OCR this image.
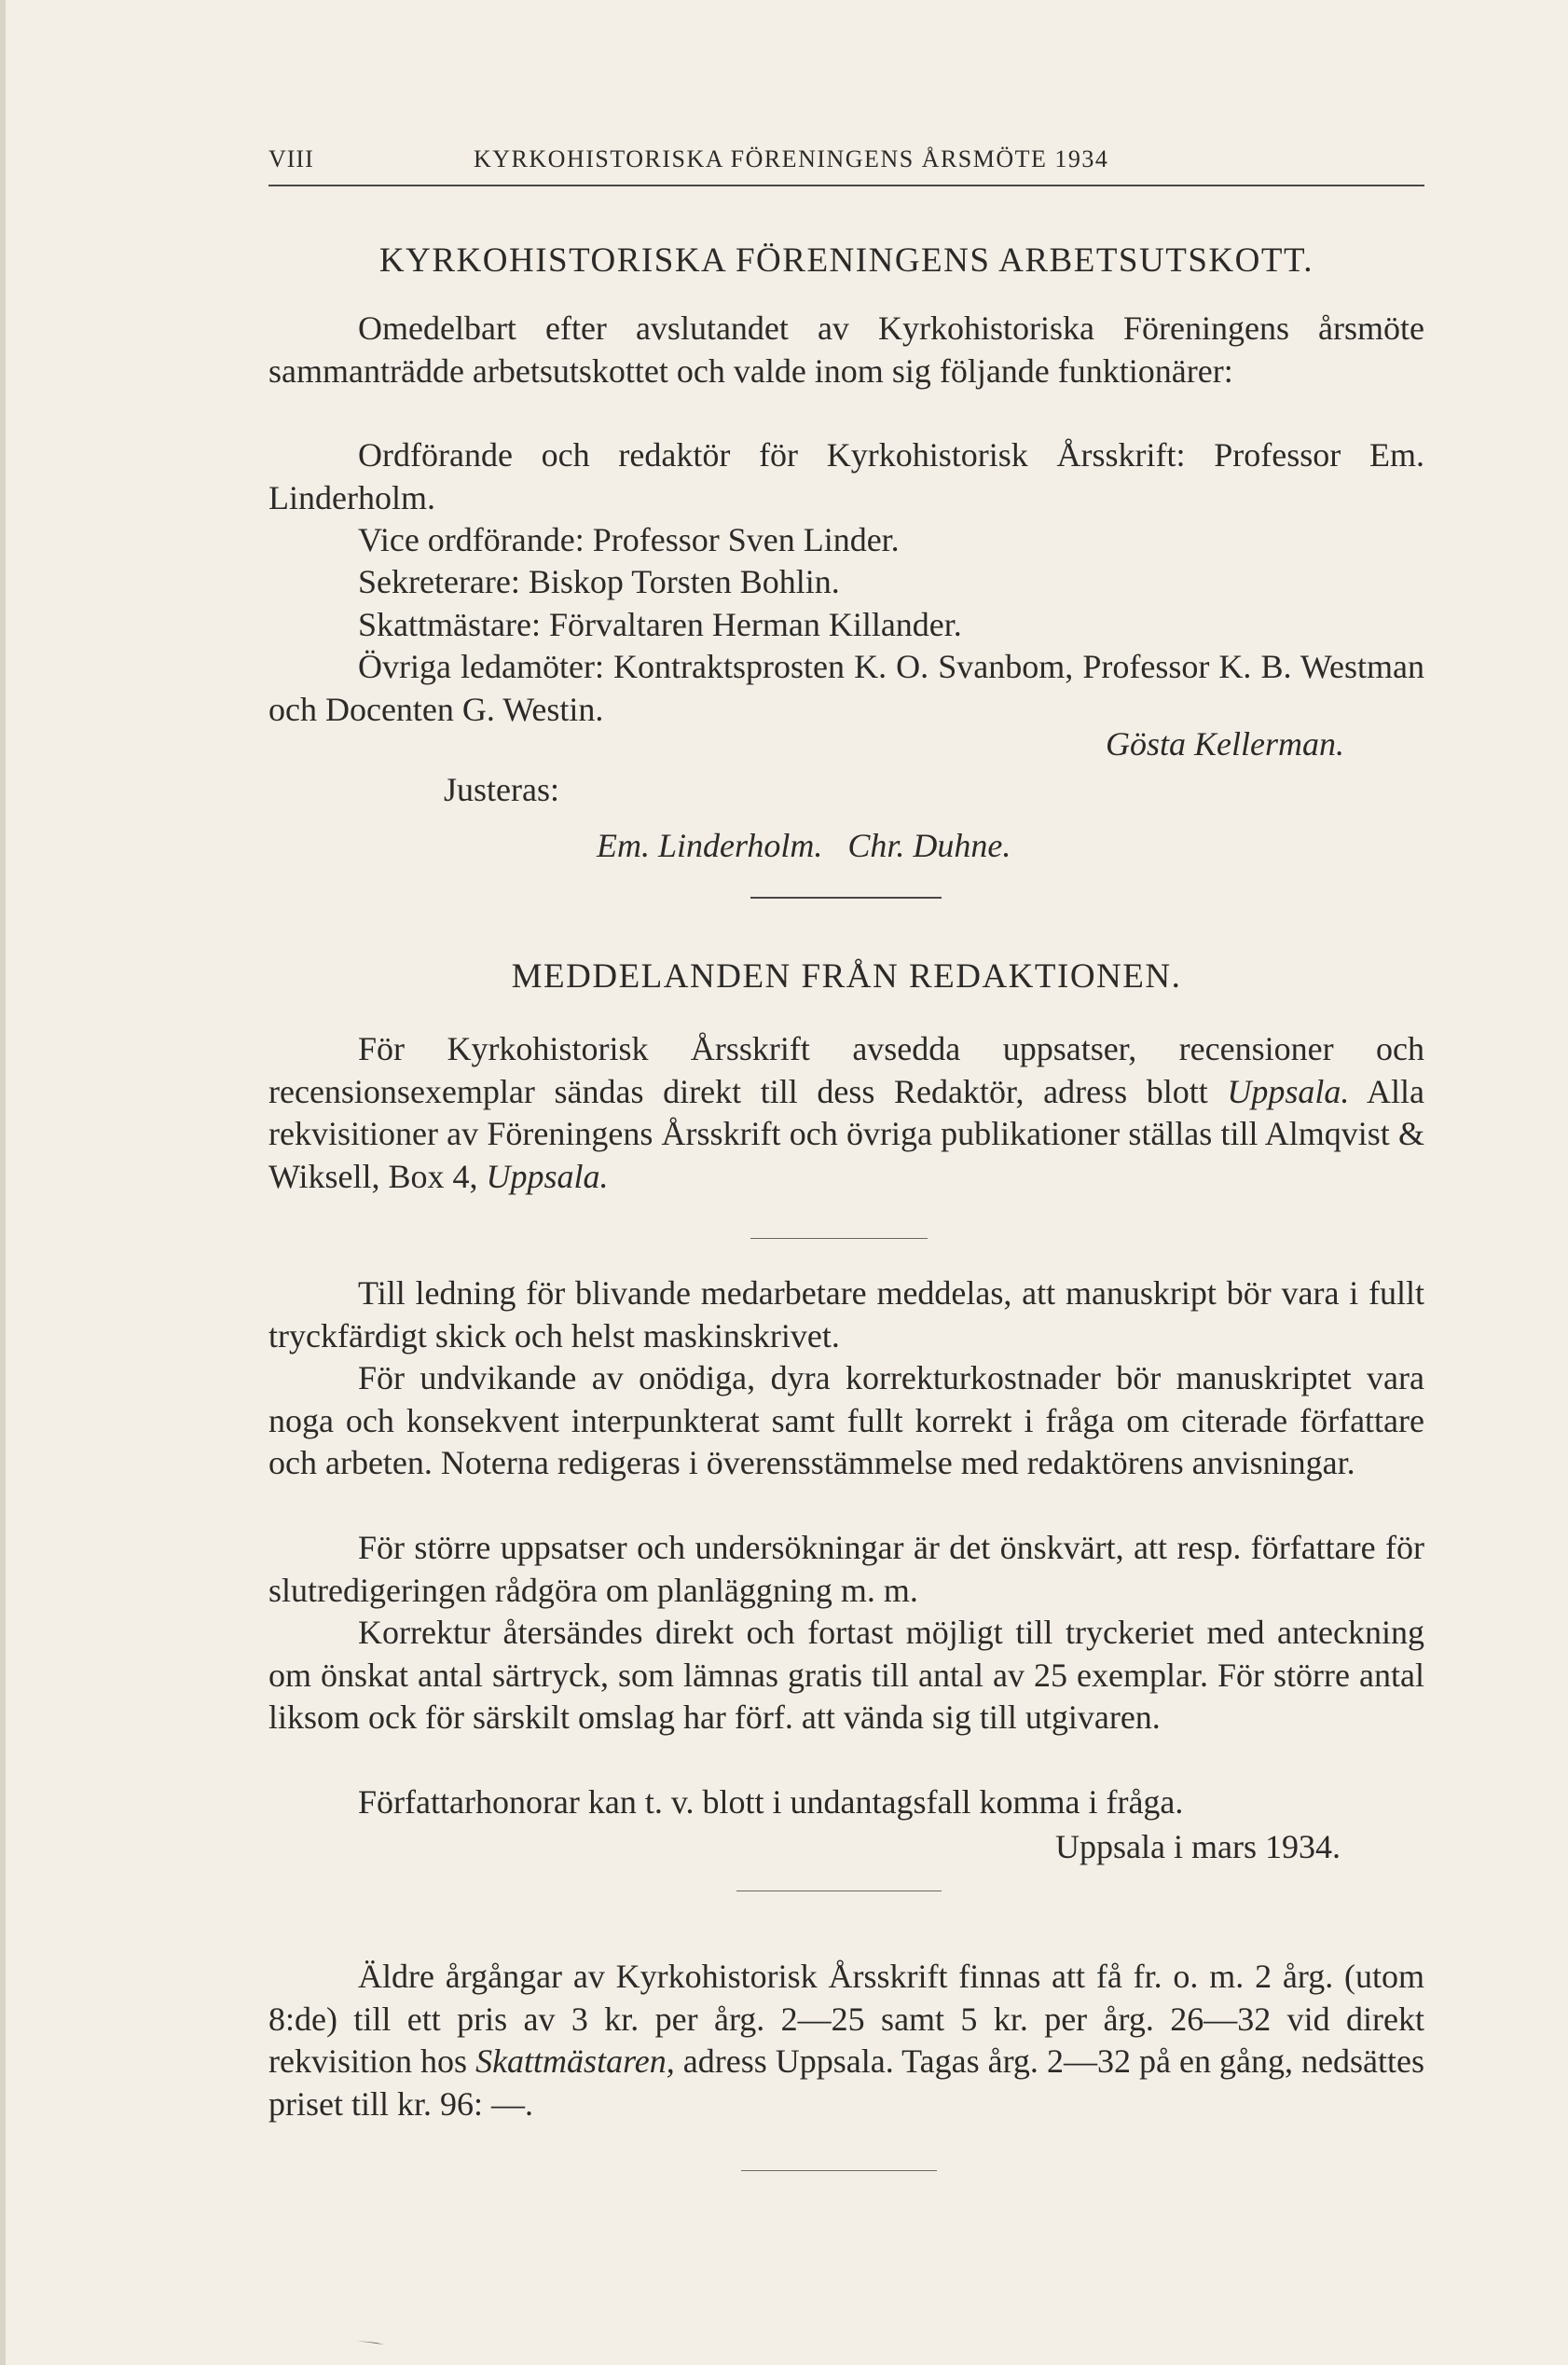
VIII	KYRKOHISTORISKA FÖRENINGENS ÅRSMÖTE 1934
KYRKOHISTORISKA FÖRENINGENS ARBETSUTSKOTT.
Omedelbart efter avslutandet av Kyrkohistoriska Föreningens årsmöte sammanträdde arbetsutskottet och valde inom sig följande funktionärer:
Ordförande och redaktör för Kyrkohistorisk Årsskrift: Professor Em. Linderholm.
Vice ordförande: Professor Sven Linder.
Sekreterare: Biskop Torsten Bohlin.
Skattmästare: Förvaltaren Herman Killander.
Övriga ledamöter: Kontraktsprosten K. O. Svanbom, Professor K. B. Westman och Docenten G. Westin.
Gösta Kellerman.
Justeras:
Em. Linderholm.   Chr. Duhne.
MEDDELANDEN FRÅN REDAKTIONEN.
För Kyrkohistorisk Årsskrift avsedda uppsatser, recensioner och recensionsexemplar sändas direkt till dess Redaktör, adress blott Uppsala. Alla rekvisitioner av Föreningens Årsskrift och övriga publikationer ställas till Almqvist & Wiksell, Box 4, Uppsala.
Till ledning för blivande medarbetare meddelas, att manuskript bör vara i fullt tryckfärdigt skick och helst maskinskrivet.
För undvikande av onödiga, dyra korrekturkostnader bör manuskriptet vara noga och konsekvent interpunkterat samt fullt korrekt i fråga om citerade författare och arbeten. Noterna redigeras i överensstämmelse med redaktörens anvisningar.
För större uppsatser och undersökningar är det önskvärt, att resp. författare för slutredigeringen rådgöra om planläggning m. m.
Korrektur återsändes direkt och fortast möjligt till tryckeriet med anteckning om önskat antal särtryck, som lämnas gratis till antal av 25 exemplar. För större antal liksom ock för särskilt omslag har förf. att vända sig till utgivaren.
Författarhonorar kan t. v. blott i undantagsfall komma i fråga.
Uppsala i mars 1934.
Äldre årgångar av Kyrkohistorisk Årsskrift finnas att få fr. o. m. 2 årg. (utom 8:de) till ett pris av 3 kr. per årg. 2—25 samt 5 kr. per årg. 26—32 vid direkt rekvisition hos Skattmästaren, adress Uppsala. Tagas årg. 2—32 på en gång, nedsättes priset till kr. 96: —.
